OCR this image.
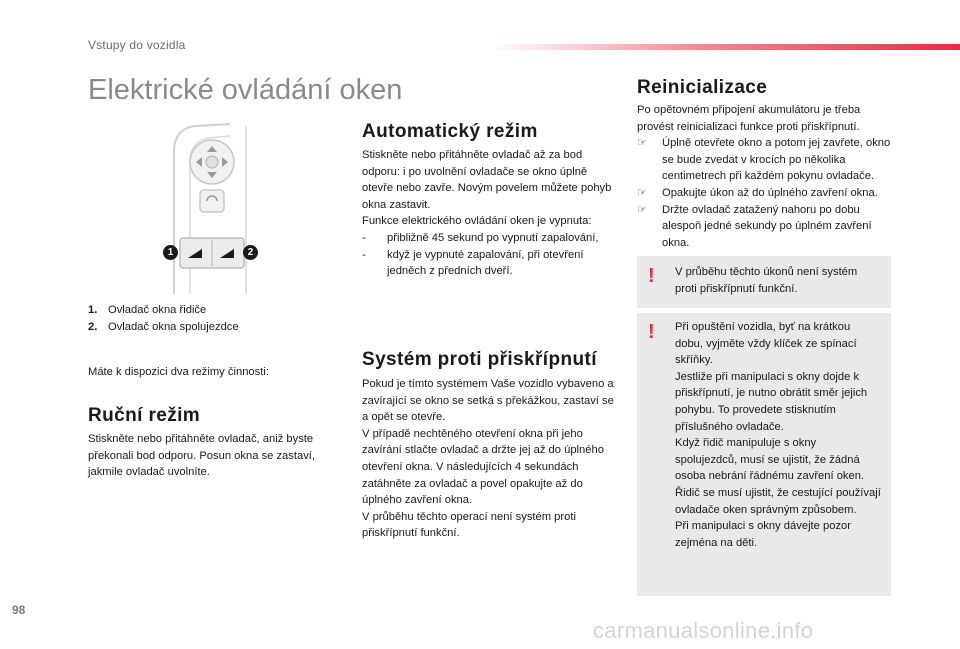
Vstupy do vozidla
Elektrické ovládání oken
1	2
1. Ovladač okna řidiče
2. Ovladač okna spolujezdce
Máte k dispozici dva režimy činnosti:
Ruční režim
Stiskněte nebo přitáhněte ovladač, aniž byste překonali bod odporu. Posun okna se zastaví, jakmile ovladač uvolníte.
Automatický režim

Stiskněte nebo přitáhněte ovladač až za bod odporu: i po uvolnění ovladače se okno úplně otevře nebo zavře. Novým povelem můžete pohyb okna zastavit.

Funkce elektrického ovládání oken je vypnuta:

-	přibližně 45 sekund po vypnutí zapalování,
-	když je vypnuté zapalování, při otevření jedněch z předních dveří.
Systém proti přiskřípnutí

Pokud je tímto systémem Vaše vozidlo vybaveno a zavírající se okno se setká s překážkou, zastaví se a opět se otevře.

V případě nechtěného otevření okna při jeho zavírání stlačte ovladač a držte jej až do úplného otevření okna. V následujících 4 sekundách zatáhněte za ovladač a povel opakujte až do úplného zavření okna.

V průběhu těchto operací není systém proti přiskřípnutí funkční.

Reinicializace

Po opětovném připojení akumulátoru je třeba provést reinicializaci funkce proti přiskřípnutí.

☞	Úplně otevřete okno a potom jej zavřete, okno se bude zvedat v krocích po několika centimetrech při každém pokynu ovladače.
☞	Opakujte úkon až do úplného zavření okna.
☞	Držte ovladač zatažený nahoru po dobu alespoň jedné sekundy po úplném zavření okna.
! V průběhu těchto úkonů není systém proti přiskřípnutí funkční.
! Při opuštění vozidla, byť na krátkou dobu, vyjměte vždy klíček ze spínací skříňky.

Jestliže při manipulaci s okny dojde k přiskřípnutí, je nutno obrátit směr jejich pohybu. To provedete stisknutím příslušného ovladače.

Když řidič manipuluje s okny spolujezdců, musí se ujistit, že žádná osoba nebrání řádnému zavření oken.

Řidič se musí ujistit, že cestující používají ovladače oken správným způsobem.

Při manipulaci s okny dávejte pozor zejména na děti.

98
carmanualsonline.info
